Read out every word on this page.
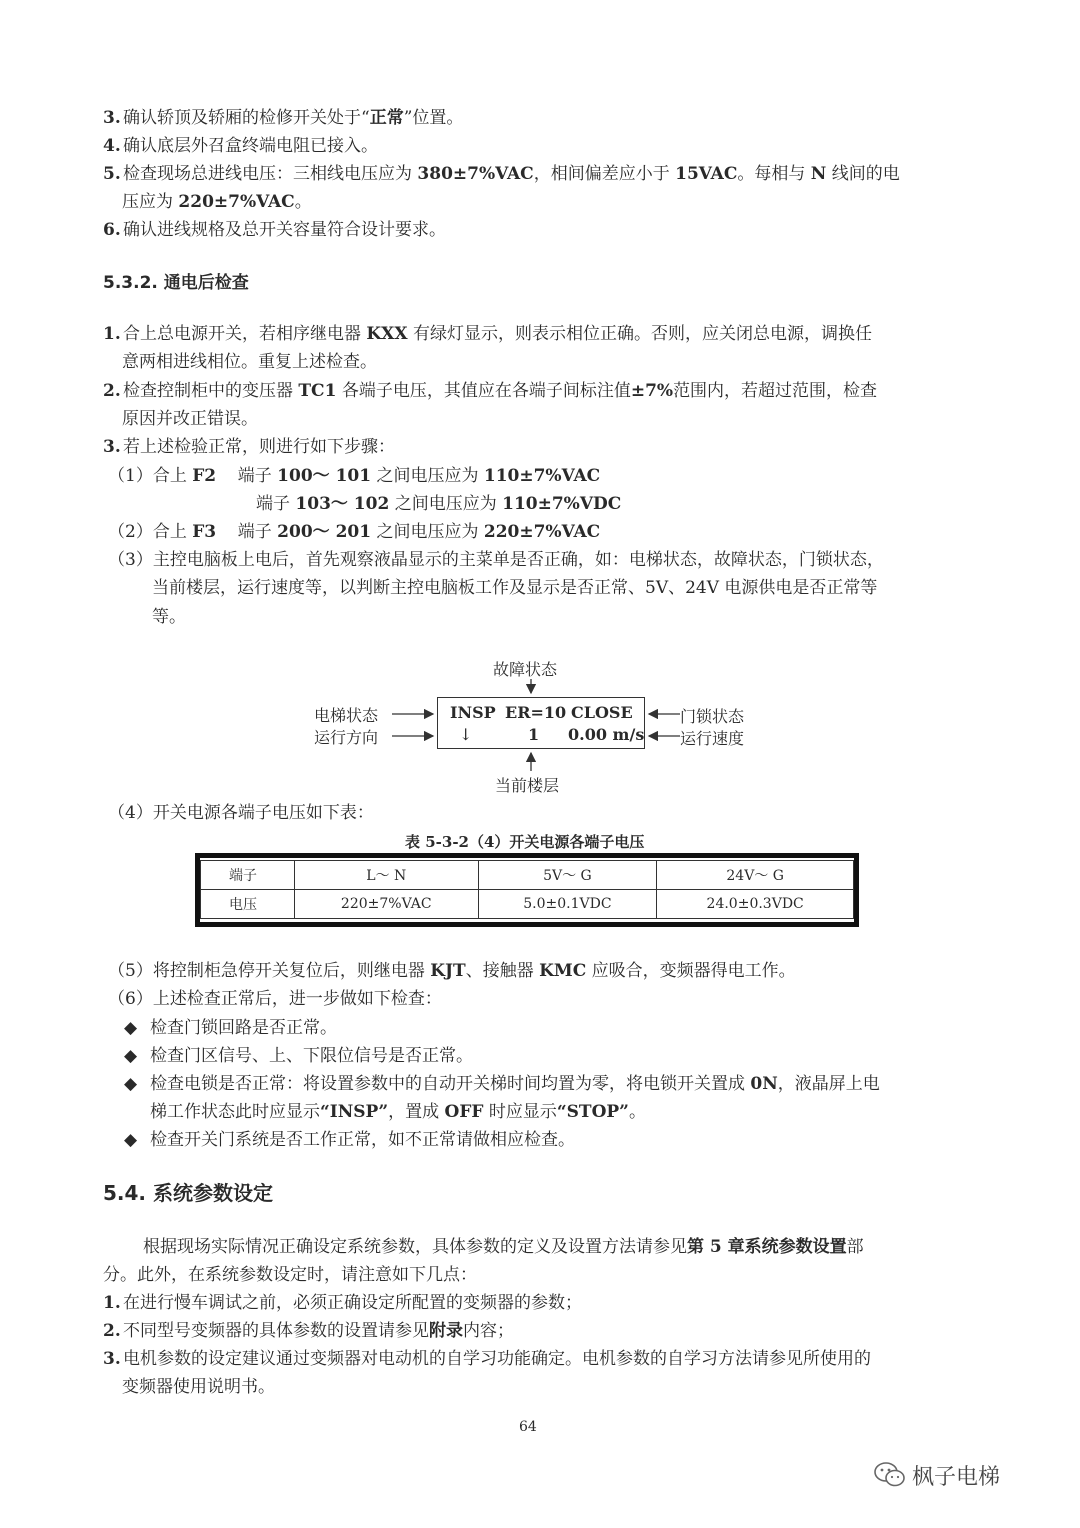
3. 确认轿顶及轿厢的检修开关处于“正常”位置。
4. 确认底层外召盒终端电阻已接入。
5. 检查现场总进线电压：三相线电压应为 380±7%VAC，相间偏差应小于 15VAC。每相与 N 线间的电
压应为 220±7%VAC。
6. 确认进线规格及总开关容量符合设计要求。
5.3.2. 通电后检查
1. 合上总电源开关，若相序继电器 KXX 有绿灯显示，则表示相位正确。否则，应关闭总电源，调换任
意两相进线相位。重复上述检查。
2. 检查控制柜中的变压器 TC1 各端子电压，其值应在各端子间标注值±7%范围内，若超过范围，检查
原因并改正错误。
3. 若上述检验正常，则进行如下步骤：
（1）合上 F2    端子 100～ 101 之间电压应为 110±7%VAC
端子 103～ 102 之间电压应为 110±7%VDC
（2）合上 F3    端子 200～ 201 之间电压应为 220±7%VAC
（3）主控电脑板上电后，首先观察液晶显示的主菜单是否正确，如：电梯状态，故障状态，门锁状态，
当前楼层，运行速度等，以判断主控电脑板工作及显示是否正常、5V、24V 电源供电是否正常等
等。
故障状态
电梯状态
运行方向
门锁状态
运行速度
当前楼层
INSP ER=10 CLOSE
↓	1 0.00 m/s
（4）开关电源各端子电压如下表：
表 5-3-2（4）开关电源各端子电压
端子	L～ N	5V～ G	24V～ G
电压	220±7%VAC	5.0±0.1VDC	24.0±0.3VDC
（5）将控制柜急停开关复位后，则继电器 KJT、接触器 KMC 应吸合，变频器得电工作。
（6）上述检查正常后，进一步做如下检查：
◆ 检查门锁回路是否正常。
◆ 检查门区信号、上、下限位信号是否正常。
◆ 检查电锁是否正常：将设置参数中的自动开关梯时间均置为零，将电锁开关置成 0N，液晶屏上电
梯工作状态此时应显示“INSP”，置成 OFF 时应显示“STOP”。
◆ 检查开关门系统是否工作正常，如不正常请做相应检查。
5.4. 系统参数设定
根据现场实际情况正确设定系统参数，具体参数的定义及设置方法请参见第 5 章系统参数设置部
分。此外，在系统参数设定时，请注意如下几点：
1. 在进行慢车调试之前，必须正确设定所配置的变频器的参数；
2. 不同型号变频器的具体参数的设置请参见附录内容；
3. 电机参数的设定建议通过变频器对电动机的自学习功能确定。电机参数的自学习方法请参见所使用的
变频器使用说明书。
64
枫子电梯
